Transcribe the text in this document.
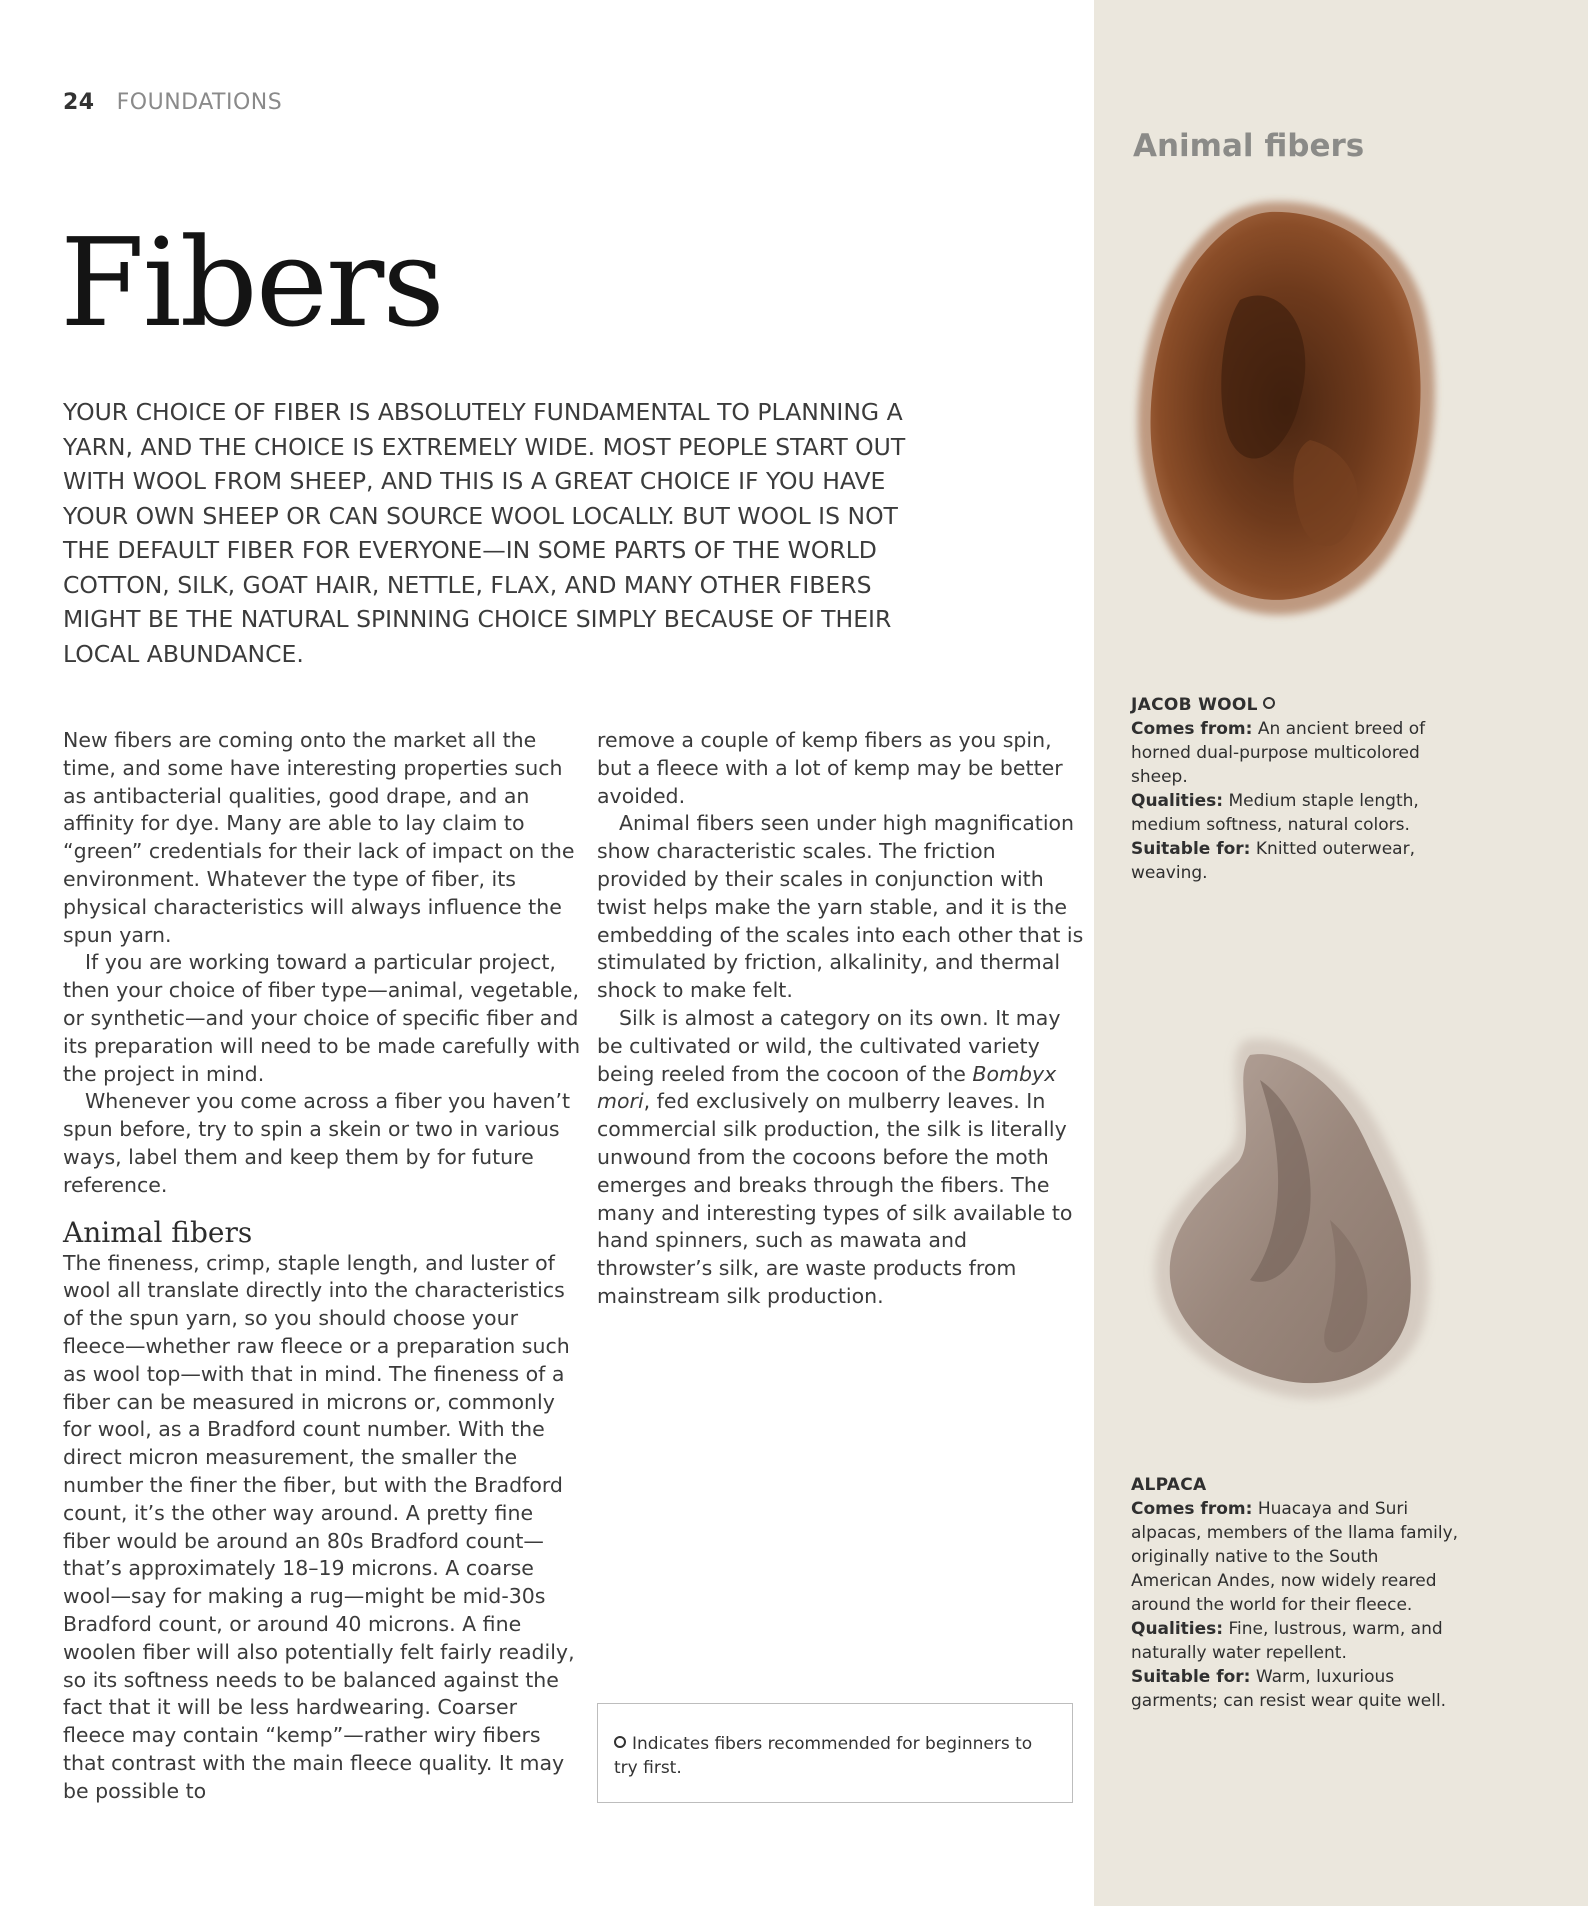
24 FOUNDATIONS
Fibers

YOUR CHOICE OF FIBER IS ABSOLUTELY FUNDAMENTAL TO PLANNING A YARN, AND THE CHOICE IS EXTREMELY WIDE. MOST PEOPLE START OUT WITH WOOL FROM SHEEP, AND THIS IS A GREAT CHOICE IF YOU HAVE YOUR OWN SHEEP OR CAN SOURCE WOOL LOCALLY. BUT WOOL IS NOT THE DEFAULT FIBER FOR EVERYONE—IN SOME PARTS OF THE WORLD COTTON, SILK, GOAT HAIR, NETTLE, FLAX, AND MANY OTHER FIBERS MIGHT BE THE NATURAL SPINNING CHOICE SIMPLY BECAUSE OF THEIR LOCAL ABUNDANCE.

New fibers are coming onto the market all the time, and some have interesting properties such as antibacterial qualities, good drape, and an affinity for dye. Many are able to lay claim to “green” credentials for their lack of impact on the environment. Whatever the type of fiber, its physical characteristics will always influence the spun yarn.

If you are working toward a particular project, then your choice of fiber type—animal, vegetable, or synthetic—and your choice of specific fiber and its preparation will need to be made carefully with the project in mind.

Whenever you come across a fiber you haven’t spun before, try to spin a skein or two in various ways, label them and keep them by for future reference.

Animal fibers

The fineness, crimp, staple length, and luster of wool all translate directly into the characteristics of the spun yarn, so you should choose your fleece—whether raw fleece or a preparation such as wool top—with that in mind. The fineness of a fiber can be measured in microns or, commonly for wool, as a Bradford count number. With the direct micron measurement, the smaller the number the finer the fiber, but with the Bradford count, it’s the other way around. A pretty fine fiber would be around an 80s Bradford count—that’s approximately 18–19 microns. A coarse wool—say for making a rug—might be mid-30s Bradford count, or around 40 microns. A fine woolen fiber will also potentially felt fairly readily, so its softness needs to be balanced against the fact that it will be less hardwearing. Coarser fleece may contain “kemp”—rather wiry fibers that contrast with the main fleece quality. It may be possible to

remove a couple of kemp fibers as you spin, but a fleece with a lot of kemp may be better avoided.

Animal fibers seen under high magnification show characteristic scales. The friction provided by their scales in conjunction with twist helps make the yarn stable, and it is the embedding of the scales into each other that is stimulated by friction, alkalinity, and thermal shock to make felt.

Silk is almost a category on its own. It may be cultivated or wild, the cultivated variety being reeled from the cocoon of the Bombyx mori, fed exclusively on mulberry leaves. In commercial silk production, the silk is literally unwound from the cocoons before the moth emerges and breaks through the fibers. The many and interesting types of silk available to hand spinners, such as mawata and throwster’s silk, are waste products from mainstream silk production.

Indicates fibers recommended for beginners to try first.
Animal fibers
JACOB WOOL
Comes from: An ancient breed of horned dual-purpose multicolored sheep.
Qualities: Medium staple length, medium softness, natural colors.
Suitable for: Knitted outerwear, weaving.
ALPACA
Comes from: Huacaya and Suri alpacas, members of the llama family, originally native to the South American Andes, now widely reared around the world for their fleece.
Qualities: Fine, lustrous, warm, and naturally water repellent.
Suitable for: Warm, luxurious garments; can resist wear quite well.
